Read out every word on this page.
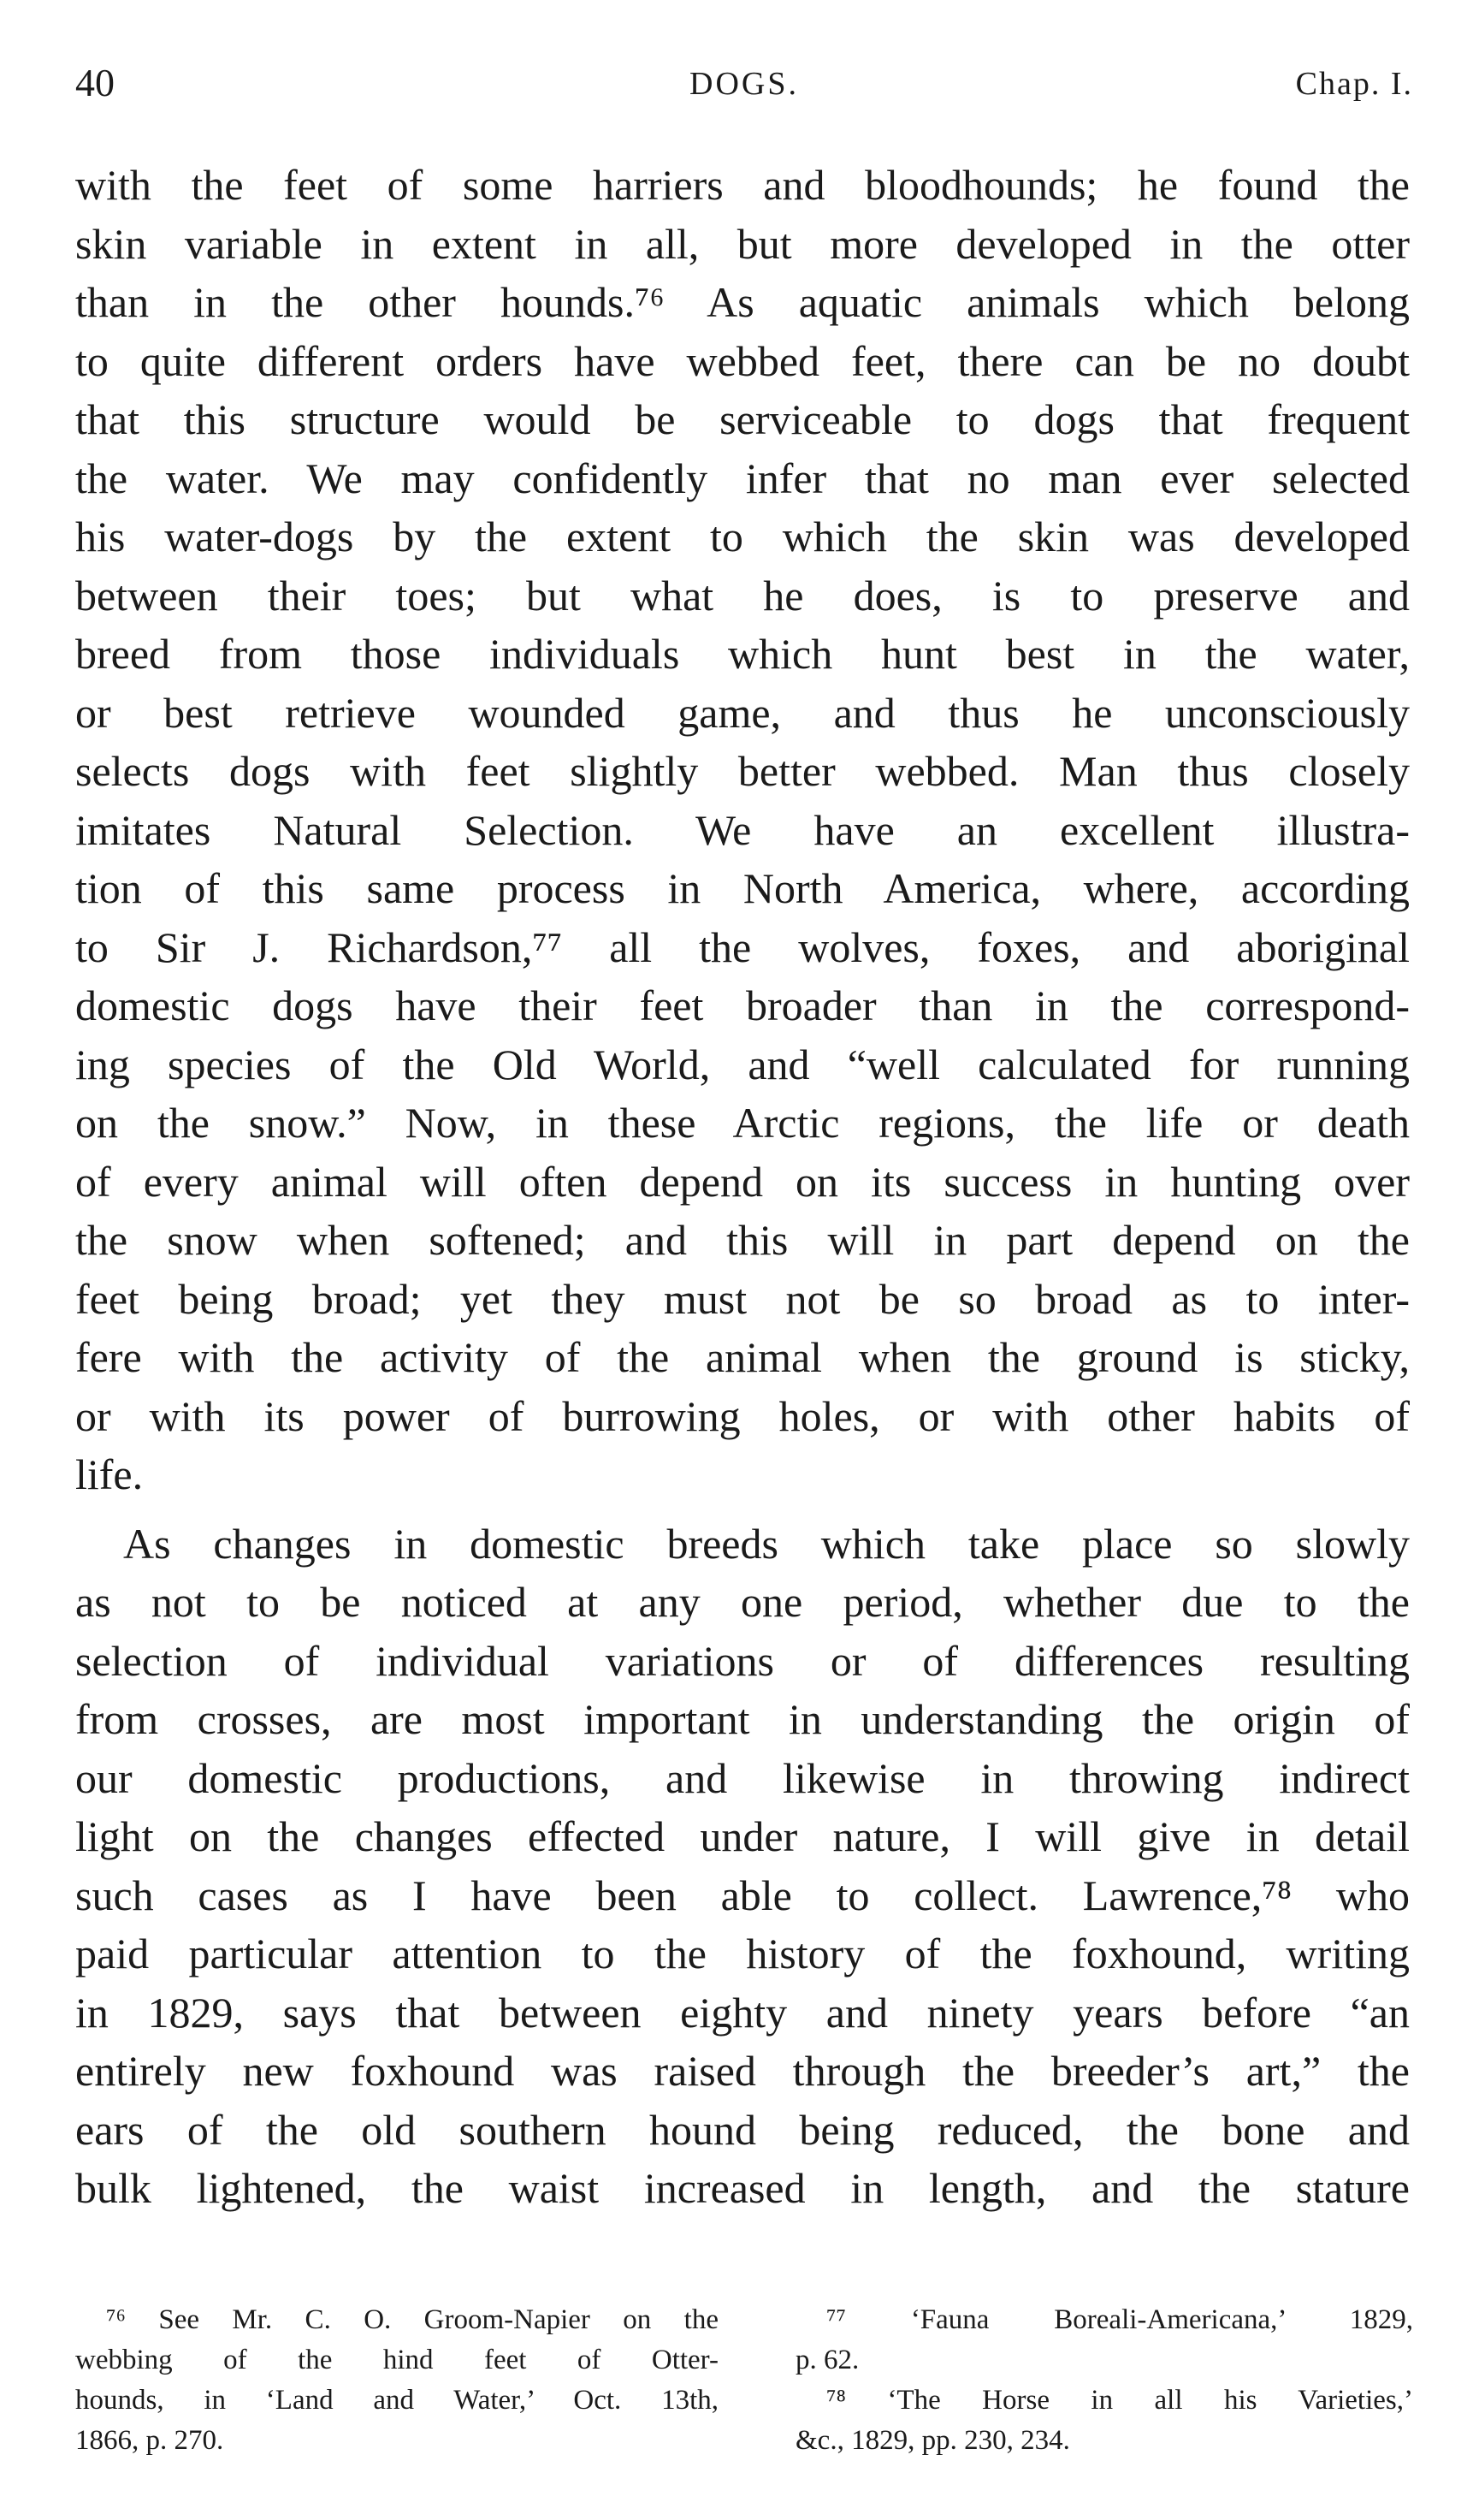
40	DOGS.	Chap. I.
with the feet of some harriers and bloodhounds; he found the
skin variable in extent in all, but more developed in the otter
than in the other hounds.⁷⁶ As aquatic animals which belong
to quite different orders have webbed feet, there can be no doubt
that this structure would be serviceable to dogs that frequent
the water. We may confidently infer that no man ever selected
his water-dogs by the extent to which the skin was developed
between their toes; but what he does, is to preserve and
breed from those individuals which hunt best in the water,
or best retrieve wounded game, and thus he unconsciously
selects dogs with feet slightly better webbed. Man thus closely
imitates Natural Selection. We have an excellent illustra-
tion of this same process in North America, where, according
to Sir J. Richardson,⁷⁷ all the wolves, foxes, and aboriginal
domestic dogs have their feet broader than in the correspond-
ing species of the Old World, and “well calculated for running
on the snow.” Now, in these Arctic regions, the life or death
of every animal will often depend on its success in hunting over
the snow when softened; and this will in part depend on the
feet being broad; yet they must not be so broad as to inter-
fere with the activity of the animal when the ground is sticky,
or with its power of burrowing holes, or with other habits of
life.
As changes in domestic breeds which take place so slowly
as not to be noticed at any one period, whether due to the
selection of individual variations or of differences resulting
from crosses, are most important in understanding the origin of
our domestic productions, and likewise in throwing indirect
light on the changes effected under nature, I will give in detail
such cases as I have been able to collect. Lawrence,⁷⁸ who
paid particular attention to the history of the foxhound, writing
in 1829, says that between eighty and ninety years before “an
entirely new foxhound was raised through the breeder’s art,” the
ears of the old southern hound being reduced, the bone and
bulk lightened, the waist increased in length, and the stature
⁷⁶ See Mr. C. O. Groom-Napier on the
webbing of the hind feet of Otter-
hounds, in ‘Land and Water,’ Oct. 13th,
1866, p. 270.
⁷⁷ ‘Fauna Boreali-Americana,’ 1829,
p. 62.
⁷⁸ ‘The Horse in all his Varieties,’
&c., 1829, pp. 230, 234.
